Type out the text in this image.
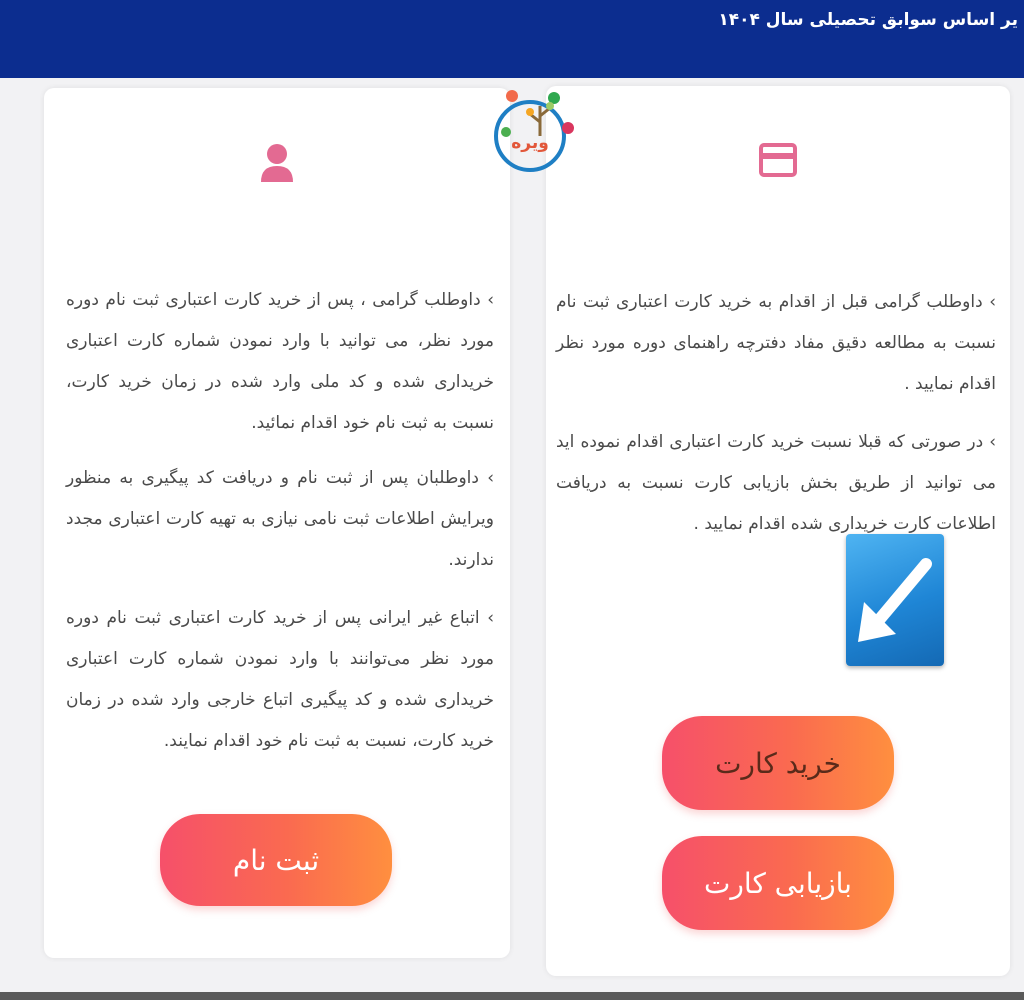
یر اساس سوابق تحصیلی سال ۱۴۰۴
› داوطلب گرامی ، پس از خرید کارت اعتباری ثبت نام دوره مورد نظر، می توانید با وارد نمودن شماره کارت اعتباری خریداری شده و کد ملی وارد شده در زمان خرید کارت، نسبت به ثبت نام خود اقدام نمائید.
› داوطلبان پس از ثبت نام و دریافت کد پیگیری به منظور ویرایش اطلاعات ثبت نامی نیازی به تهیه کارت اعتباری مجدد ندارند.
› اتباع غیر ایرانی پس از خرید کارت اعتباری ثبت نام دوره مورد نظر می‌توانند با وارد نمودن شماره کارت اعتباری خریداری شده و کد پیگیری اتباع خارجی وارد شده در زمان خرید کارت، نسبت به ثبت نام خود اقدام نمایند.
ثبت نام
› داوطلب گرامی قبل از اقدام به خرید کارت اعتباری ثبت نام نسبت به مطالعه دقیق مفاد دفترچه راهنمای دوره مورد نظر اقدام نمایید .
› در صورتی که قبلا نسبت خرید کارت اعتباری اقدام نموده اید می توانید از طریق بخش بازیابی کارت نسبت به دریافت اطلاعات کارت خریداری شده اقدام نمایید .
خرید کارت
بازیابی کارت
ویره
